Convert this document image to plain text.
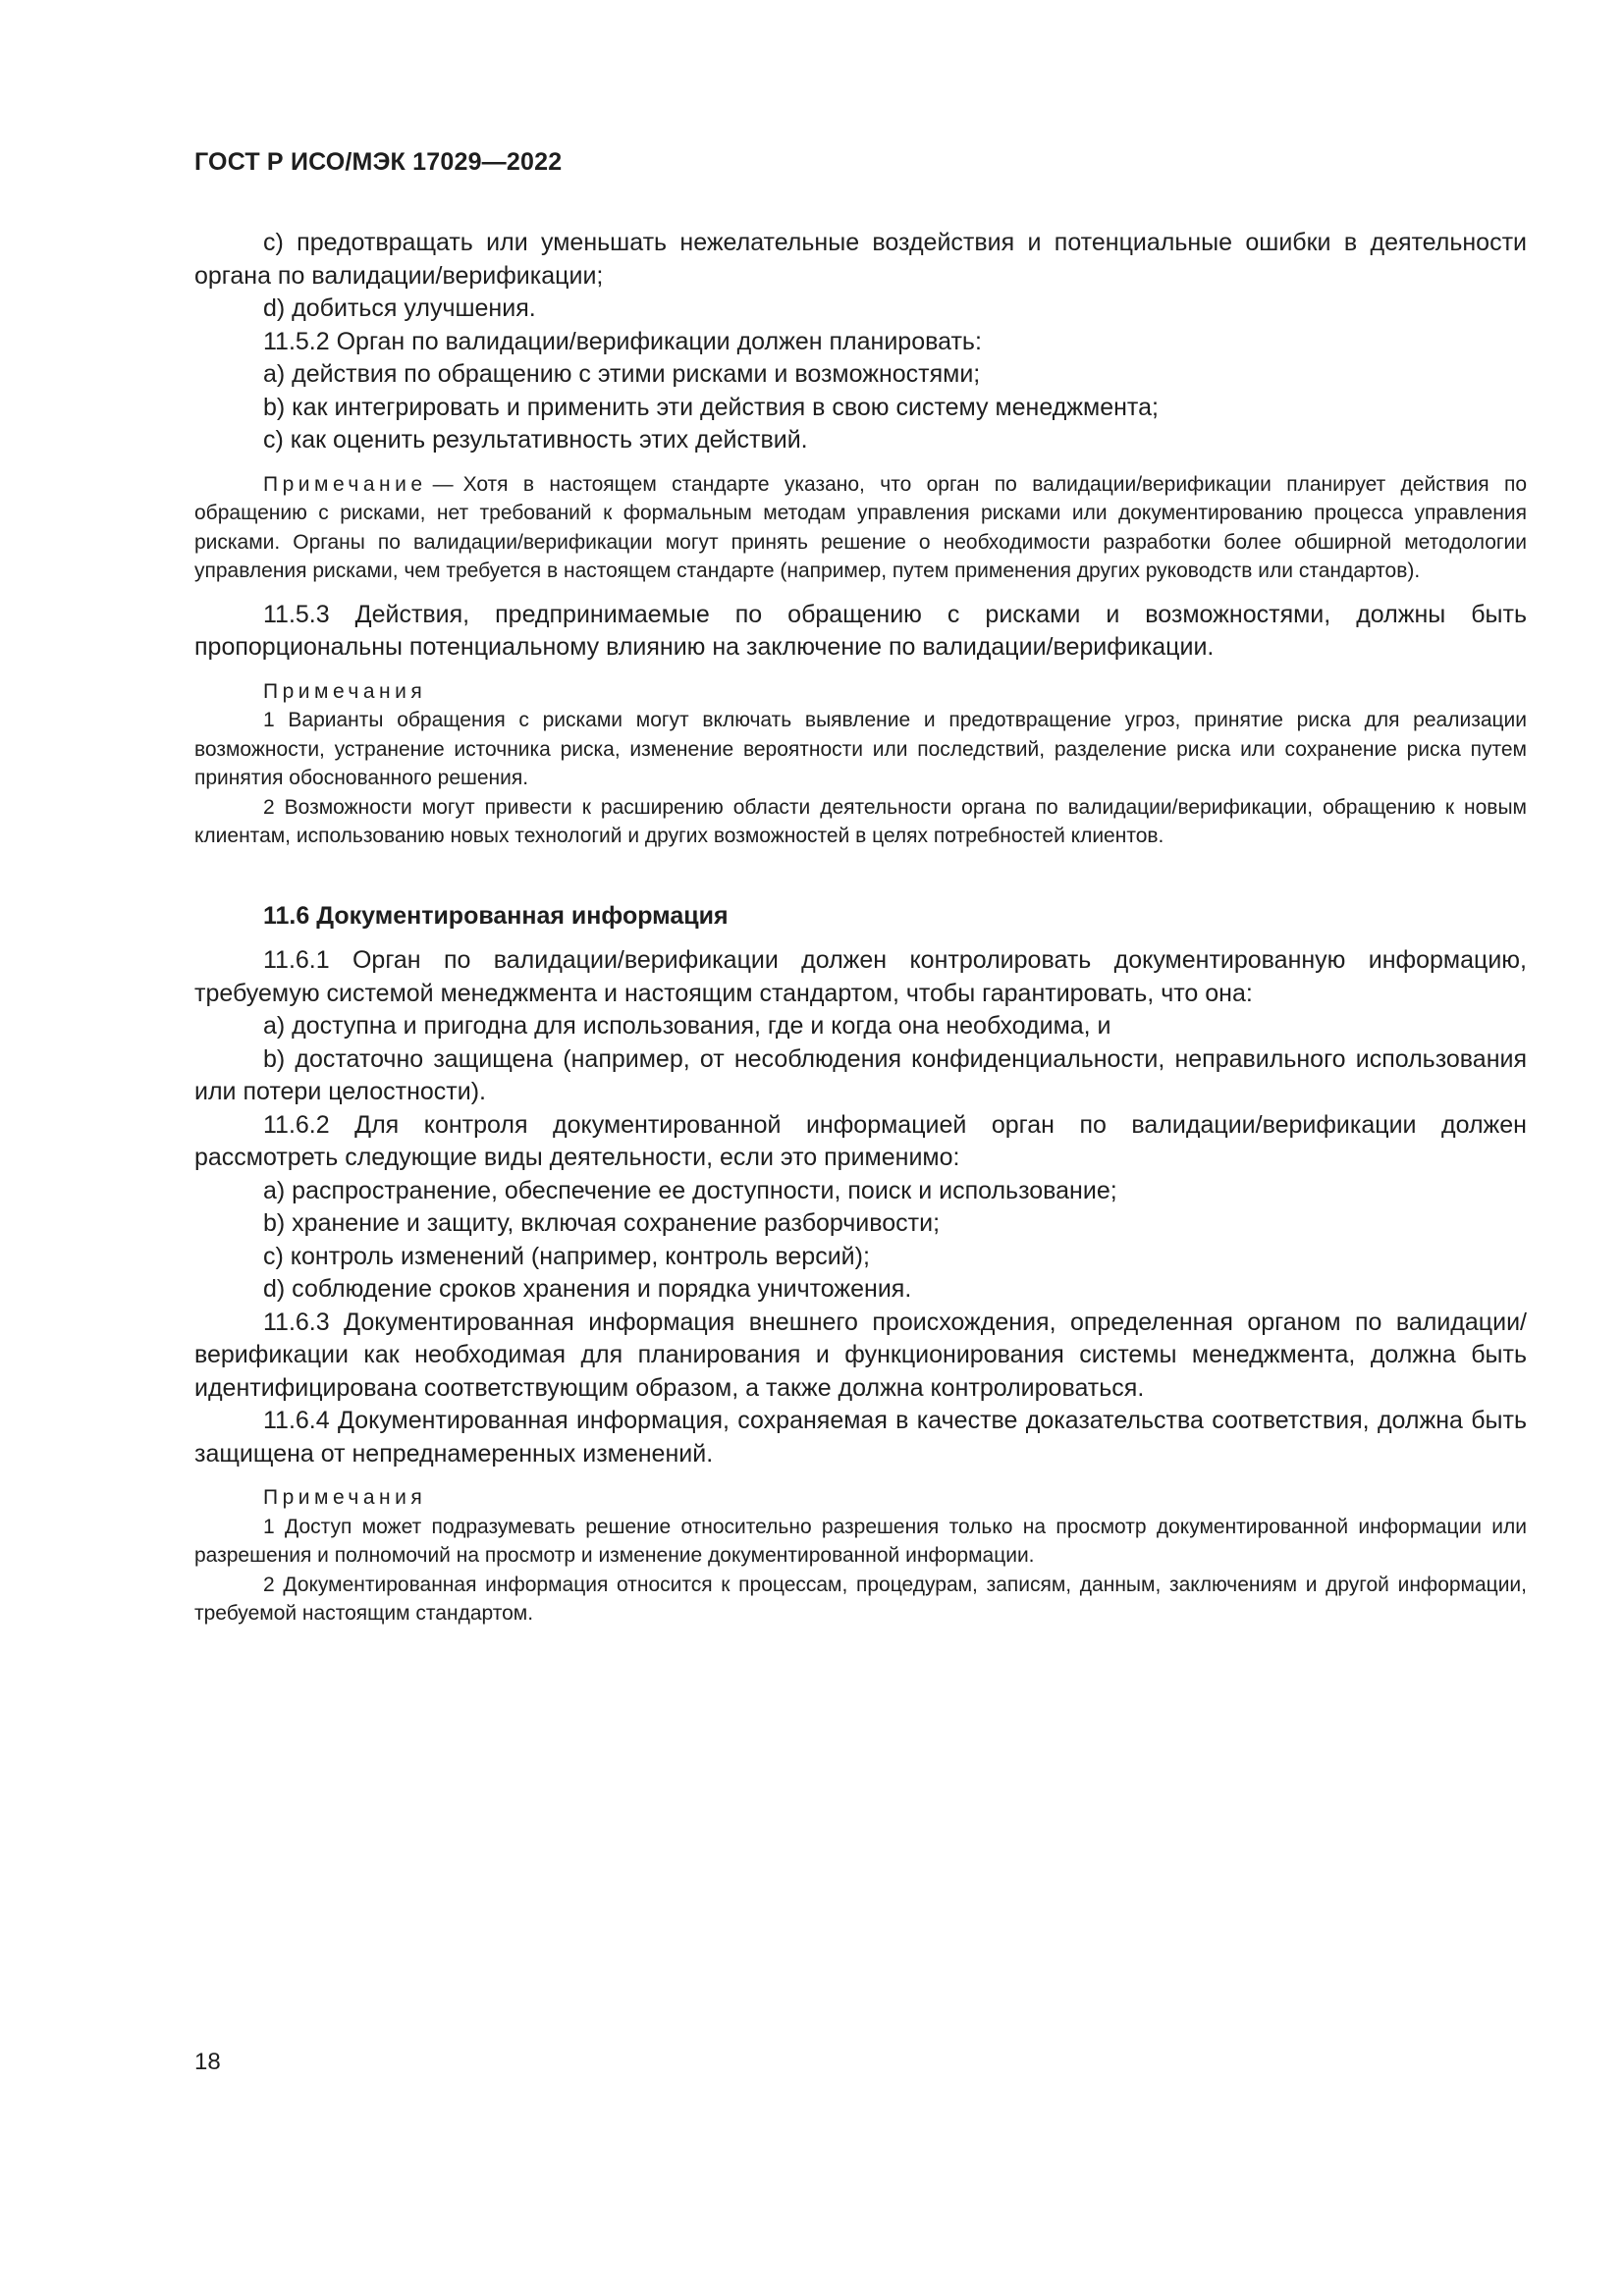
ГОСТ Р ИСО/МЭК 17029—2022

c) предотвращать или уменьшать нежелательные воздействия и потенциальные ошибки в деятельности органа по валидации/верификации;

d) добиться улучшения.

11.5.2 Орган по валидации/верификации должен планировать:

a) действия по обращению с этими рисками и возможностями;

b) как интегрировать и применить эти действия в свою систему менеджмента;

c) как оценить результативность этих действий.

Примечание — Хотя в настоящем стандарте указано, что орган по валидации/верификации планирует действия по обращению с рисками, нет требований к формальным методам управления рисками или документированию процесса управления рисками. Органы по валидации/верификации могут принять решение о необходимости разработки более обширной методологии управления рисками, чем требуется в настоящем стандарте (например, путем применения других руководств или стандартов).

11.5.3 Действия, предпринимаемые по обращению с рисками и возможностями, должны быть пропорциональны потенциальному влиянию на заключение по валидации/верификации.

Примечания

1 Варианты обращения с рисками могут включать выявление и предотвращение угроз, принятие риска для реализации возможности, устранение источника риска, изменение вероятности или последствий, разделение риска или сохранение риска путем принятия обоснованного решения.

2 Возможности могут привести к расширению области деятельности органа по валидации/верификации, обращению к новым клиентам, использованию новых технологий и других возможностей в целях потребностей клиентов.

11.6 Документированная информация

11.6.1 Орган по валидации/верификации должен контролировать документированную информацию, требуемую системой менеджмента и настоящим стандартом, чтобы гарантировать, что она:

a) доступна и пригодна для использования, где и когда она необходима, и

b) достаточно защищена (например, от несоблюдения конфиденциальности, неправильного использования или потери целостности).

11.6.2 Для контроля документированной информацией орган по валидации/верификации должен рассмотреть следующие виды деятельности, если это применимо:

a) распространение, обеспечение ее доступности, поиск и использование;

b) хранение и защиту, включая сохранение разборчивости;

c) контроль изменений (например, контроль версий);

d) соблюдение сроков хранения и порядка уничтожения.

11.6.3 Документированная информация внешнего происхождения, определенная органом по валидации/верификации как необходимая для планирования и функционирования системы менеджмента, должна быть идентифицирована соответствующим образом, а также должна контролироваться.

11.6.4 Документированная информация, сохраняемая в качестве доказательства соответствия, должна быть защищена от непреднамеренных изменений.

Примечания

1 Доступ может подразумевать решение относительно разрешения только на просмотр документированной информации или разрешения и полномочий на просмотр и изменение документированной информации.

2 Документированная информация относится к процессам, процедурам, записям, данным, заключениям и другой информации, требуемой настоящим стандартом.

18
